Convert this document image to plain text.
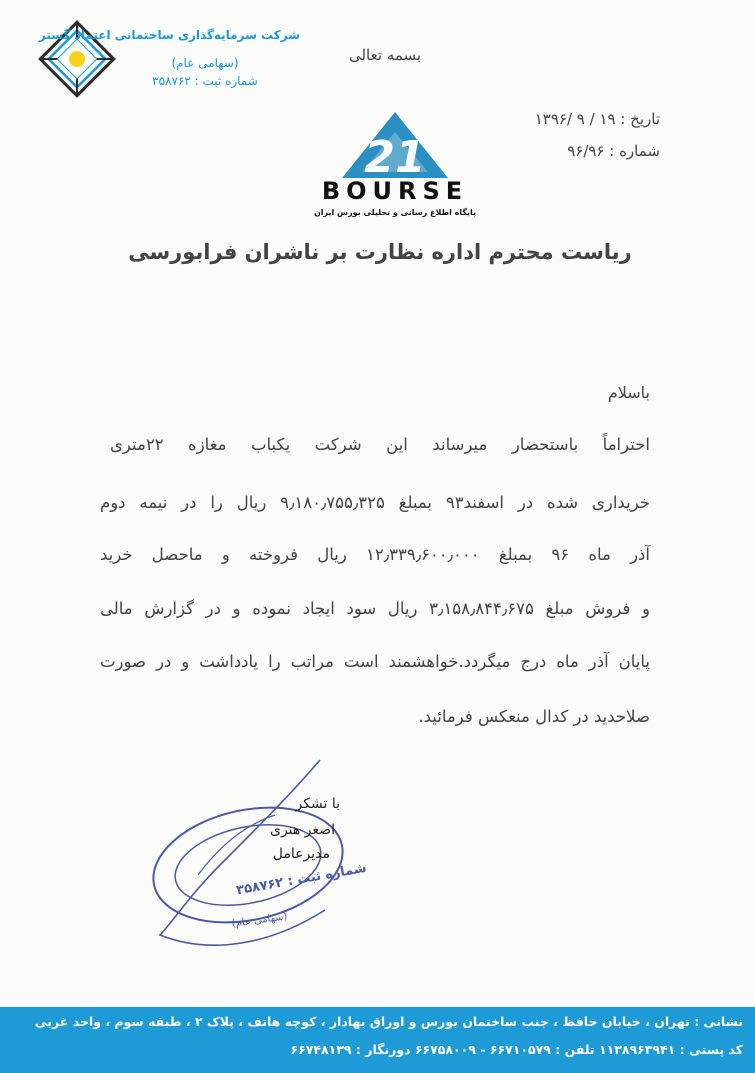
شرکت سرمایه‌گذاری ساختمانی اعتماد گستر
(سهامی عام)
شماره ثبت : ۳۵۸۷۶۲
بسمه تعالی
تاریخ : ۱۹ / ۹ /۱۳۹۶
شماره : ۹۶/۹۶
21
BOURSE
پایگاه اطلاع رسانی و تحلیلی بورس ایران
ریاست محترم اداره نظارت بر ناشران فرابورسی
باسلام
احتراماً باستحضار میرساند این شرکت یکباب مغازه ۲۲متری
خریداری شده در اسفند۹۳ بمبلغ ۹٫۱۸۰٫۷۵۵٫۳۲۵ ریال را در نیمه دوم
آذر ماه ۹۶ بمبلغ ۱۲٫۳۳۹٫۶۰۰٫۰۰۰ ریال فروخته و ماحصل خرید
و فروش مبلغ ۳٫۱۵۸٫۸۴۴٫۶۷۵ ریال سود ایجاد نموده و در گزارش مالی
پایان آذر ماه درج میگردد.خواهشمند است مراتب را یادداشت و در صورت
صلاحدید در کدال منعکس فرمائید.
شماره ثبت : ۳۵۸۷۶۲
(سهامی عام)
با تشکر
اصغر هنری
مدیرعامل
نشانی : تهران ، خیابان حافظ ، جنب ساختمان بورس و اوراق بهادار ، کوچه هاتف ، پلاک ۲ ، طبقه سوم ، واحد غربی
کد پستی : ۱۱۳۸۹۶۳۹۴۱ تلفن : ۶۶۷۱۰۵۷۹ - ۶۶۷۵۸۰۰۹ دورنگار : ۶۶۷۴۸۱۳۹
